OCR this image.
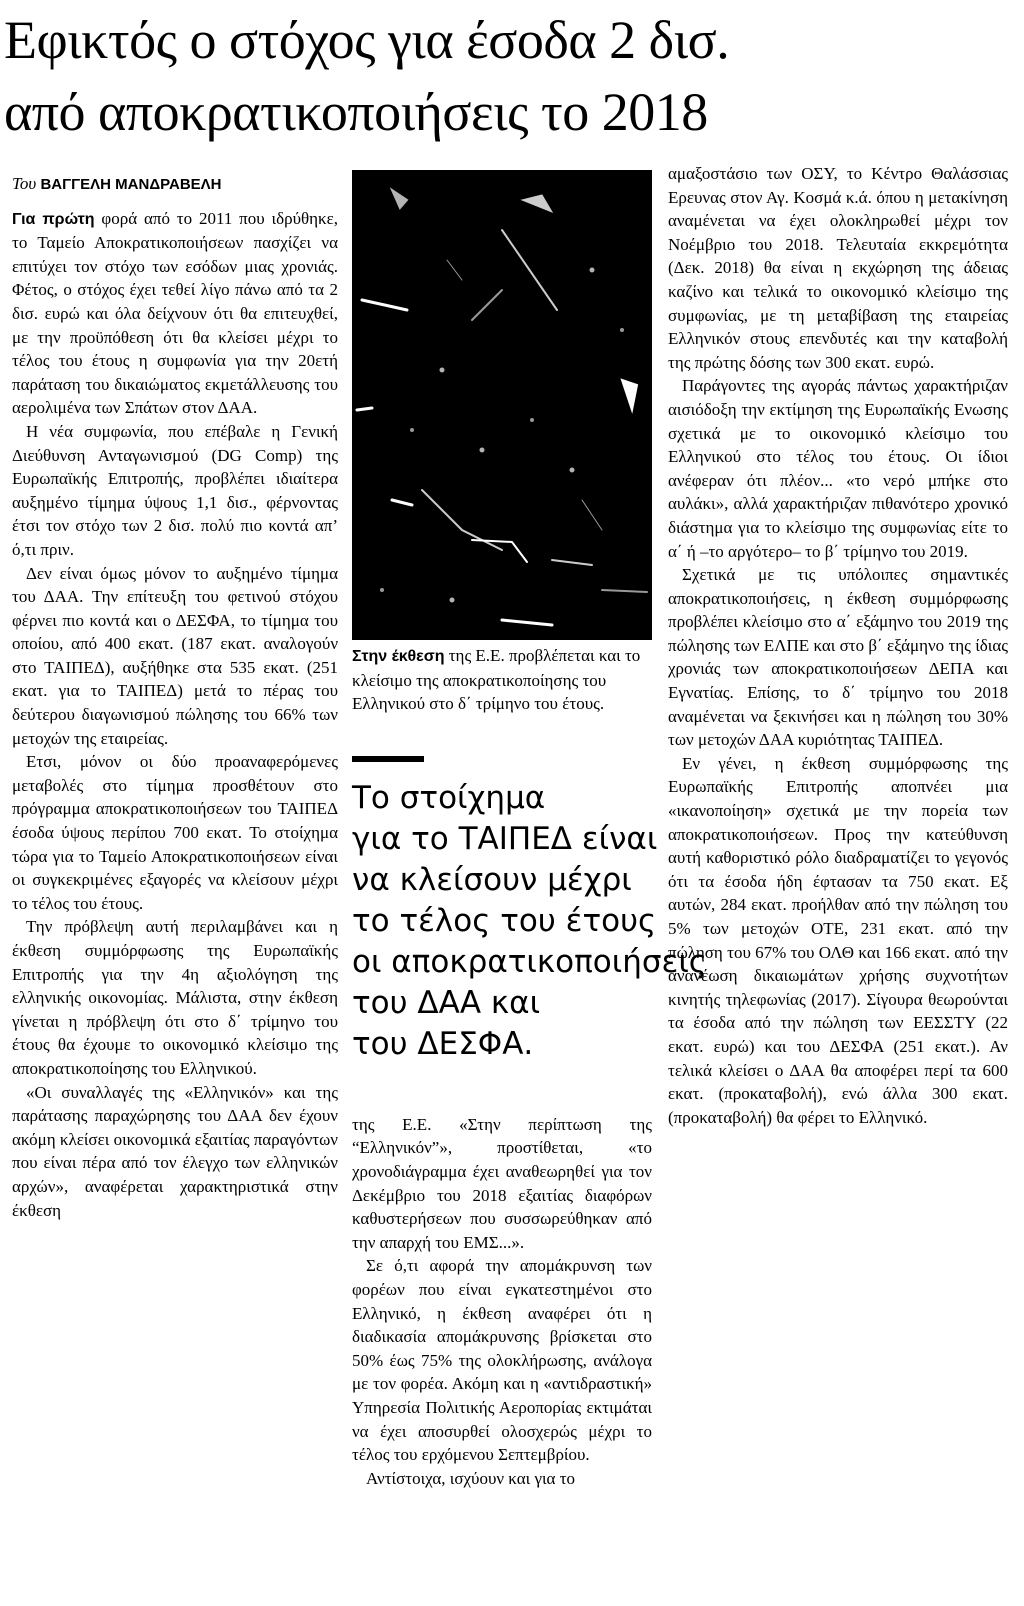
Εφικτός ο στόχος για έσοδα 2 δισ.
από αποκρατικοποιήσεις το 2018
Του ΒΑΓΓΕΛΗ ΜΑΝΔΡΑΒΕΛΗ

Για πρώτη φορά από το 2011 που ιδρύθηκε, το Ταμείο Αποκρατικοποιήσεων πασχίζει να επιτύχει τον στόχο των εσόδων μιας χρονιάς. Φέτος, ο στόχος έχει τεθεί λίγο πάνω από τα 2 δισ. ευρώ και όλα δείχνουν ότι θα επιτευχθεί, με την προϋπόθεση ότι θα κλείσει μέχρι το τέλος του έτους η συμφωνία για την 20ετή παράταση του δικαιώματος εκμετάλλευσης του αερολιμένα των Σπάτων στον ΔΑΑ.

Η νέα συμφωνία, που επέβαλε η Γενική Διεύθυνση Ανταγωνισμού (DG Comp) της Ευρωπαϊκής Επιτροπής, προβλέπει ιδιαίτερα αυξημένο τίμημα ύψους 1,1 δισ., φέρνοντας έτσι τον στόχο των 2 δισ. πολύ πιο κοντά απ’ ό,τι πριν.

Δεν είναι όμως μόνον το αυξημένο τίμημα του ΔΑΑ. Την επίτευξη του φετινού στόχου φέρνει πιο κοντά και ο ΔΕΣΦΑ, το τίμημα του οποίου, από 400 εκατ. (187 εκατ. αναλογούν στο ΤΑΙΠΕΔ), αυξήθηκε στα 535 εκατ. (251 εκατ. για το ΤΑΙΠΕΔ) μετά το πέρας του δεύτερου διαγωνισμού πώλησης του 66% των μετοχών της εταιρείας.

Ετσι, μόνον οι δύο προαναφερόμενες μεταβολές στο τίμημα προσθέτουν στο πρόγραμμα αποκρατικοποιήσεων του ΤΑΙΠΕΔ έσοδα ύψους περίπου 700 εκατ. Το στοίχημα τώρα για το Ταμείο Αποκρατικοποιήσεων είναι οι συγκεκριμένες εξαγορές να κλείσουν μέχρι το τέλος του έτους.

Την πρόβλεψη αυτή περιλαμβάνει και η έκθεση συμμόρφωσης της Ευρωπαϊκής Επιτροπής για την 4η αξιολόγηση της ελληνικής οικονομίας. Μάλιστα, στην έκθεση γίνεται η πρόβλεψη ότι στο δ΄ τρίμηνο του έτους θα έχουμε το οικονομικό κλείσιμο της αποκρατικοποίησης του Ελληνικού.

«Οι συναλλαγές της «Ελληνικόν» και της παράτασης παραχώρησης του ΔΑΑ δεν έχουν ακόμη κλείσει οικονομικά εξαιτίας παραγόντων που είναι πέρα από τον έλεγχο των ελληνικών αρχών», αναφέρεται χαρακτηριστικά στην έκθεση

Στην έκθεση της Ε.Ε. προβλέπεται και το κλείσιμο της αποκρατικοποίησης του Ελληνικού στο δ΄ τρίμηνο του έτους.
Το στοίχημα
για το ΤΑΙΠΕΔ είναι
να κλείσουν μέχρι
το τέλος του έτους
οι αποκρατικοποιήσεις
του ΔΑΑ και
του ΔΕΣΦΑ.

της Ε.Ε. «Στην περίπτωση της “Ελληνικόν”», προστίθεται, «το χρονοδιάγραμμα έχει αναθεωρηθεί για τον Δεκέμβριο του 2018 εξαιτίας διαφόρων καθυστερήσεων που συσσωρεύθηκαν από την απαρχή του ΕΜΣ...».

Σε ό,τι αφορά την απομάκρυνση των φορέων που είναι εγκατεστημένοι στο Ελληνικό, η έκθεση αναφέρει ότι η διαδικασία απομάκρυνσης βρίσκεται στο 50% έως 75% της ολοκλήρωσης, ανάλογα με τον φορέα. Ακόμη και η «αντιδραστική» Υπηρεσία Πολιτικής Αεροπορίας εκτιμάται να έχει αποσυρθεί ολοσχερώς μέχρι το τέλος του ερχόμενου Σεπτεμβρίου.

Αντίστοιχα, ισχύουν και για το

αμαξοστάσιο των ΟΣΥ, το Κέντρο Θαλάσσιας Ερευνας στον Αγ. Κοσμά κ.ά. όπου η μετακίνηση αναμένεται να έχει ολοκληρωθεί μέχρι τον Νοέμβριο του 2018. Τελευταία εκκρεμότητα (Δεκ. 2018) θα είναι η εκχώρηση της άδειας καζίνο και τελικά το οικονομικό κλείσιμο της συμφωνίας, με τη μεταβίβαση της εταιρείας Ελληνικόν στους επενδυτές και την καταβολή της πρώτης δόσης των 300 εκατ. ευρώ.

Παράγοντες της αγοράς πάντως χαρακτήριζαν αισιόδοξη την εκτίμηση της Ευρωπαϊκής Ενωσης σχετικά με το οικονομικό κλείσιμο του Ελληνικού στο τέλος του έτους. Οι ίδιοι ανέφεραν ότι πλέον... «το νερό μπήκε στο αυλάκι», αλλά χαρακτήριζαν πιθανότερο χρονικό διάστημα για το κλείσιμο της συμφωνίας είτε το α΄ ή –το αργότερο– το β΄ τρίμηνο του 2019.

Σχετικά με τις υπόλοιπες σημαντικές αποκρατικοποιήσεις, η έκθεση συμμόρφωσης προβλέπει κλείσιμο στο α΄ εξάμηνο του 2019 της πώλησης των ΕΛΠΕ και στο β΄ εξάμηνο της ίδιας χρονιάς των αποκρατικοποιήσεων ΔΕΠΑ και Εγνατίας. Επίσης, το δ΄ τρίμηνο του 2018 αναμένεται να ξεκινήσει και η πώληση του 30% των μετοχών ΔΑΑ κυριότητας ΤΑΙΠΕΔ.

Εν γένει, η έκθεση συμμόρφωσης της Ευρωπαϊκής Επιτροπής αποπνέει μια «ικανοποίηση» σχετικά με την πορεία των αποκρατικοποιήσεων. Προς την κατεύθυνση αυτή καθοριστικό ρόλο διαδραματίζει το γεγονός ότι τα έσοδα ήδη έφτασαν τα 750 εκατ. Εξ αυτών, 284 εκατ. προήλθαν από την πώληση του 5% των μετοχών ΟΤΕ, 231 εκατ. από την πώληση του 67% του ΟΛΘ και 166 εκατ. από την ανανέωση δικαιωμάτων χρήσης συχνοτήτων κινητής τηλεφωνίας (2017). Σίγουρα θεωρούνται τα έσοδα από την πώληση των ΕΕΣΣΤΥ (22 εκατ. ευρώ) και του ΔΕΣΦΑ (251 εκατ.). Αν τελικά κλείσει ο ΔΑΑ θα αποφέρει περί τα 600 εκατ. (προκαταβολή), ενώ άλλα 300 εκατ. (προκαταβολή) θα φέρει το Ελληνικό.
